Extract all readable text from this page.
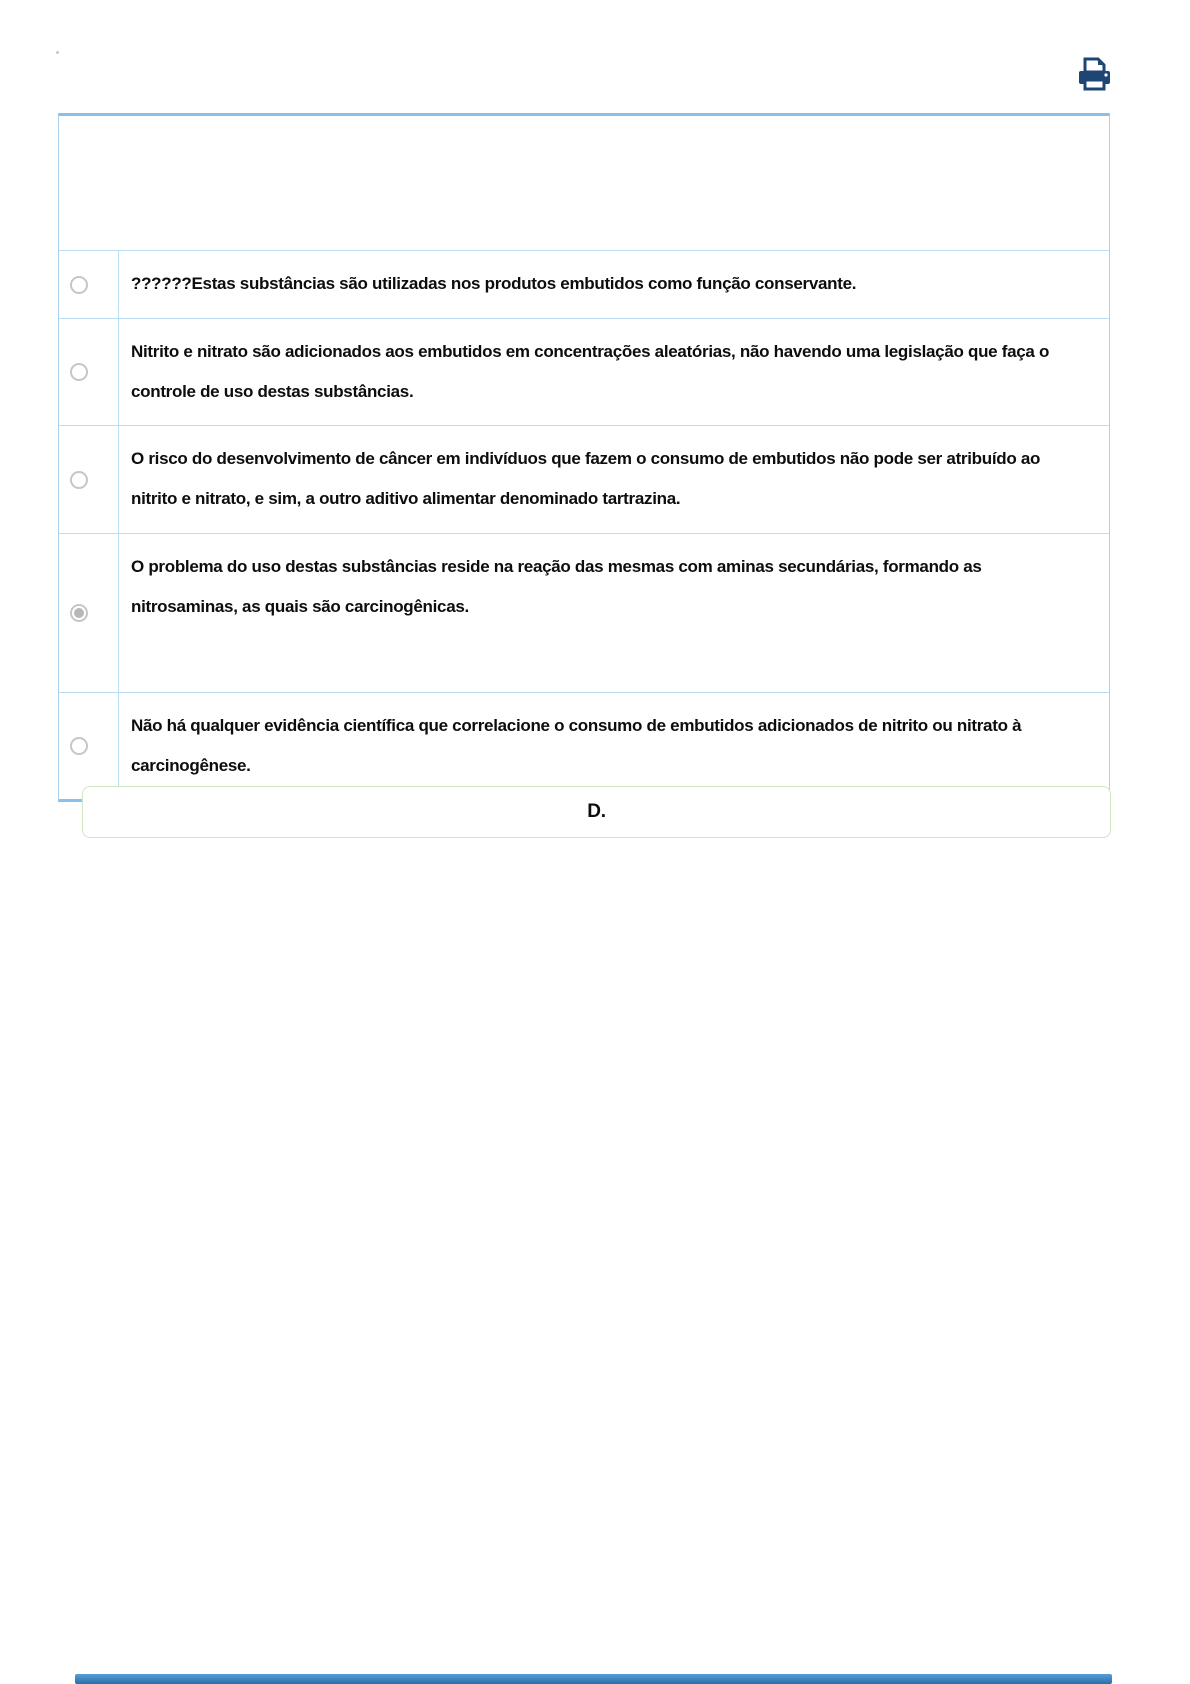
??????Estas substâncias são utilizadas nos produtos embutidos como função conservante.
Nitrito e nitrato são adicionados aos embutidos em concentrações aleatórias, não havendo uma legislação que faça o controle de uso destas substâncias.
O risco do desenvolvimento de câncer em indivíduos que fazem o consumo de embutidos não pode ser atribuído ao nitrito e nitrato, e sim, a outro aditivo alimentar denominado tartrazina.
O problema do uso destas substâncias reside na reação das mesmas com aminas secundárias, formando as nitrosaminas, as quais são carcinogênicas.
Não há qualquer evidência científica que correlacione o consumo de embutidos adicionados de nitrito ou nitrato à carcinogênese.
D.
